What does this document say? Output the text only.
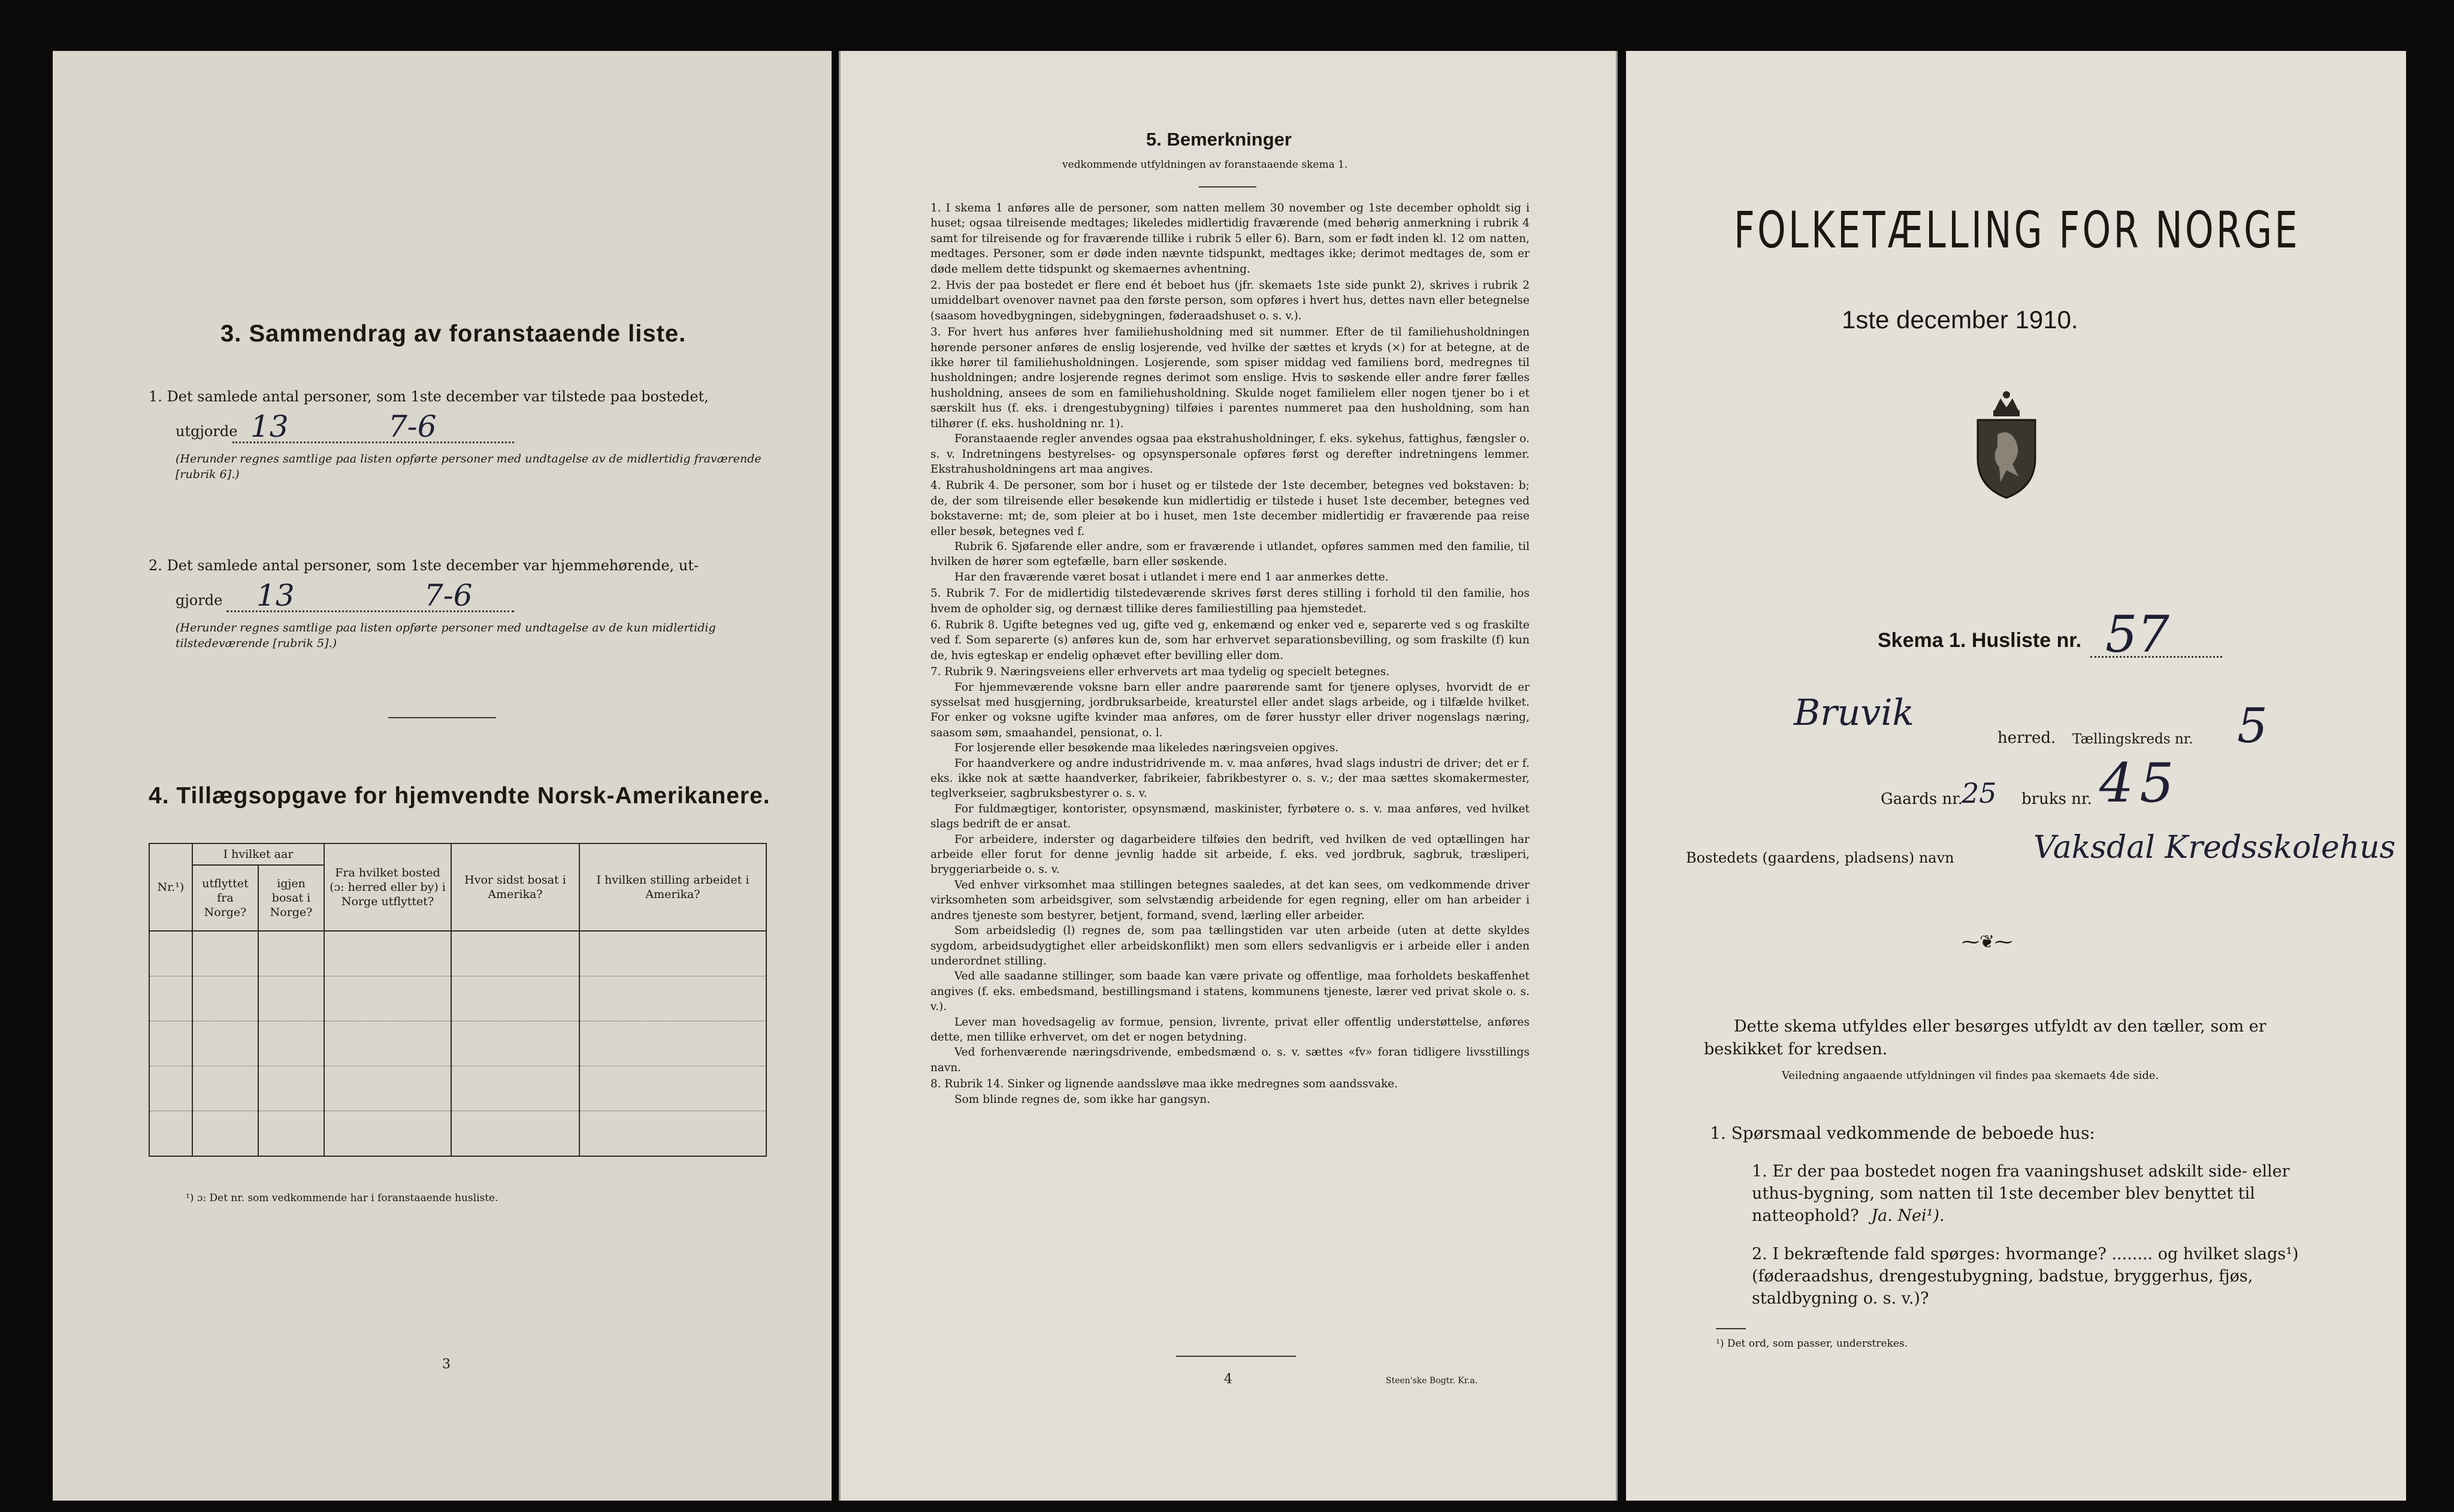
3. Sammendrag av foranstaaende liste.
1. Det samlede antal personer, som 1ste december var tilstede paa bostedet,
utgjorde 13	7-6
(Herunder regnes samtlige paa listen opførte personer med undtagelse av de midlertidig fraværende [rubrik 6].)
2. Det samlede antal personer, som 1ste december var hjemmehørende, ut-
gjorde 13	7-6
(Herunder regnes samtlige paa listen opførte personer med undtagelse av de kun midlertidig tilstedeværende [rubrik 5].)
4. Tillægsopgave for hjemvendte Norsk-Amerikanere.
Nr.¹)	I hvilket aar		Fra hvilket bosted (ɔ: herred eller by) i Norge utflyttet?	Hvor sidst bosat i Amerika?	I hvilken stilling arbeidet i Amerika?
	utflyttet fra Norge?	igjen bosat i Norge?			

¹) ɔ: Det nr. som vedkommende har i foranstaaende husliste.
3
5. Bemerkninger
vedkommende utfyldningen av foranstaaende skema 1.
1. I skema 1 anføres alle de personer, som natten mellem 30 november og 1ste december opholdt sig i huset; ogsaa tilreisende medtages; likeledes midlertidig fraværende (med behørig anmerkning i rubrik 4 samt for tilreisende og for fraværende tillike i rubrik 5 eller 6). Barn, som er født inden kl. 12 om natten, medtages. Personer, som er døde inden nævnte tidspunkt, medtages ikke; derimot medtages de, som er døde mellem dette tidspunkt og skemaernes avhentning.
2. Hvis der paa bostedet er flere end ét beboet hus (jfr. skemaets 1ste side punkt 2), skrives i rubrik 2 umiddelbart ovenover navnet paa den første person, som opføres i hvert hus, dettes navn eller betegnelse (saasom hovedbygningen, sidebygningen, føderaadshuset o. s. v.).
3. For hvert hus anføres hver familiehusholdning med sit nummer. Efter de til familiehusholdningen hørende personer anføres de enslig losjerende, ved hvilke der sættes et kryds (×) for at betegne, at de ikke hører til familiehusholdningen. Losjerende, som spiser middag ved familiens bord, medregnes til husholdningen; andre losjerende regnes derimot som enslige. Hvis to søskende eller andre fører fælles husholdning, ansees de som en familiehusholdning. Skulde noget familielem eller nogen tjener bo i et særskilt hus (f. eks. i drengestubygning) tilføies i parentes nummeret paa den husholdning, som han tilhører (f. eks. husholdning nr. 1).
Foranstaaende regler anvendes ogsaa paa ekstrahusholdninger, f. eks. sykehus, fattighus, fængsler o. s. v. Indretningens bestyrelses- og opsynspersonale opføres først og derefter indretningens lemmer. Ekstrahusholdningens art maa angives.
4. Rubrik 4. De personer, som bor i huset og er tilstede der 1ste december, betegnes ved bokstaven: b; de, der som tilreisende eller besøkende kun midlertidig er tilstede i huset 1ste december, betegnes ved bokstaverne: mt; de, som pleier at bo i huset, men 1ste december midlertidig er fraværende paa reise eller besøk, betegnes ved f.
Rubrik 6. Sjøfarende eller andre, som er fraværende i utlandet, opføres sammen med den familie, til hvilken de hører som egtefælle, barn eller søskende.
Har den fraværende været bosat i utlandet i mere end 1 aar anmerkes dette.
5. Rubrik 7. For de midlertidig tilstedeværende skrives først deres stilling i forhold til den familie, hos hvem de opholder sig, og dernæst tillike deres familiestilling paa hjemstedet.
6. Rubrik 8. Ugifte betegnes ved ug, gifte ved g, enkemænd og enker ved e, separerte ved s og fraskilte ved f. Som separerte (s) anføres kun de, som har erhvervet separationsbevilling, og som fraskilte (f) kun de, hvis egteskap er endelig ophævet efter bevilling eller dom.
7. Rubrik 9. Næringsveiens eller erhvervets art maa tydelig og specielt betegnes.
For hjemmeværende voksne barn eller andre paarørende samt for tjenere oplyses, hvorvidt de er sysselsat med husgjerning, jordbruksarbeide, kreaturstel eller andet slags arbeide, og i tilfælde hvilket. For enker og voksne ugifte kvinder maa anføres, om de fører husstyr eller driver nogenslags næring, saasom søm, smaahandel, pensionat, o. l.
For losjerende eller besøkende maa likeledes næringsveien opgives.
For haandverkere og andre industridrivende m. v. maa anføres, hvad slags industri de driver; det er f. eks. ikke nok at sætte haandverker, fabrikeier, fabrikbestyrer o. s. v.; der maa sættes skomakermester, teglverkseier, sagbruksbestyrer o. s. v.
For fuldmægtiger, kontorister, opsynsmænd, maskinister, fyrbøtere o. s. v. maa anføres, ved hvilket slags bedrift de er ansat.
For arbeidere, inderster og dagarbeidere tilføies den bedrift, ved hvilken de ved optællingen har arbeide eller forut for denne jevnlig hadde sit arbeide, f. eks. ved jordbruk, sagbruk, træsliperi, bryggeriarbeide o. s. v.
Ved enhver virksomhet maa stillingen betegnes saaledes, at det kan sees, om vedkommende driver virksomheten som arbeidsgiver, som selvstændig arbeidende for egen regning, eller om han arbeider i andres tjeneste som bestyrer, betjent, formand, svend, lærling eller arbeider.
Som arbeidsledig (l) regnes de, som paa tællingstiden var uten arbeide (uten at dette skyldes sygdom, arbeidsudygtighet eller arbeidskonflikt) men som ellers sedvanligvis er i arbeide eller i anden underordnet stilling.
Ved alle saadanne stillinger, som baade kan være private og offentlige, maa forholdets beskaffenhet angives (f. eks. embedsmand, bestillingsmand i statens, kommunens tjeneste, lærer ved privat skole o. s. v.).
Lever man hovedsagelig av formue, pension, livrente, privat eller offentlig understøttelse, anføres dette, men tillike erhvervet, om det er nogen betydning.
Ved forhenværende næringsdrivende, embedsmænd o. s. v. sættes «fv» foran tidligere livsstillings navn.
8. Rubrik 14. Sinker og lignende aandssløve maa ikke medregnes som aandssvake.
Som blinde regnes de, som ikke har gangsyn.
4	Steen'ske Bogtr. Kr.a.
FOLKETÆLLING FOR NORGE
1ste december 1910.
Skema 1. Husliste nr. 57
Bruvik
herred. Tællingskreds nr. 5
Gaards nr.
25 bruks nr. 45
Bostedets (gaardens, pladsens) navn	Vaksdal Kredsskolehus
⁓❦⁓
Dette skema utfyldes eller besørges utfyldt av den tæller, som er beskikket for kredsen.
Veiledning angaaende utfyldningen vil findes paa skemaets 4de side.
1. Spørsmaal vedkommende de beboede hus:
1. Er der paa bostedet nogen fra vaaningshuset adskilt side- eller uthus-bygning, som natten til 1ste december blev benyttet til natteophold? Ja. Nei¹).
2. I bekræftende fald spørges: hvormange? ........ og hvilket slags¹) (føderaadshus, drengestubygning, badstue, bryggerhus, fjøs, staldbygning o. s. v.)?
¹) Det ord, som passer, understrekes.
